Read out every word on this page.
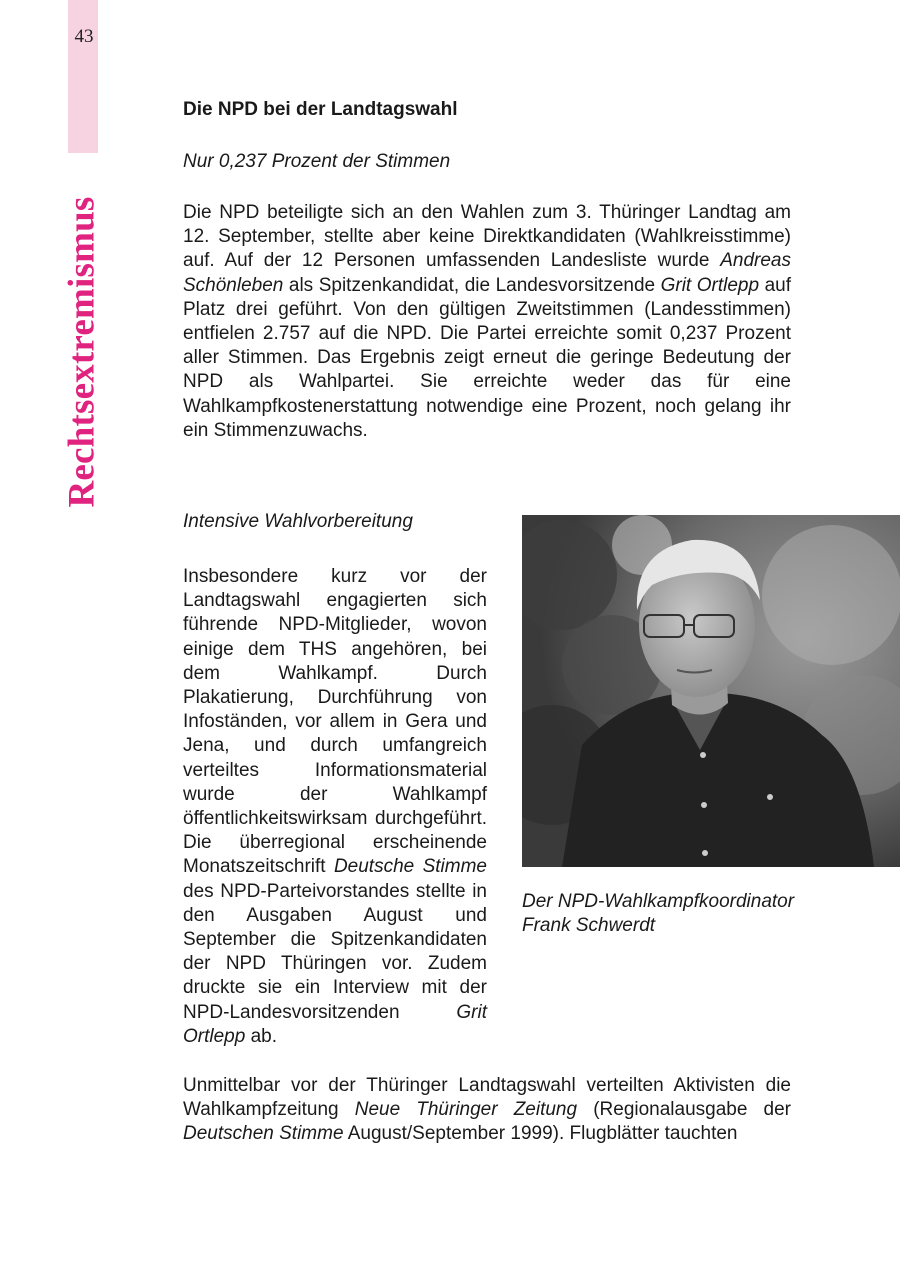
43
Rechtsextremismus
Die NPD bei der Landtagswahl
Nur 0,237 Prozent der Stimmen
Die NPD beteiligte sich an den Wahlen zum 3. Thüringer Landtag am 12. September, stellte aber keine Direktkandidaten (Wahlkreisstimme) auf. Auf der 12 Personen umfassenden Landesliste wurde Andreas Schönleben als Spitzenkandidat, die Landesvorsitzende Grit Ortlepp auf Platz drei geführt. Von den gültigen Zweitstimmen (Landesstimmen) entfielen 2.757 auf die NPD. Die Partei erreichte somit 0,237 Prozent aller Stimmen. Das Ergebnis zeigt erneut die geringe Bedeutung der NPD als Wahlpartei. Sie erreichte weder das für eine Wahlkampfkostenerstattung notwendige eine Prozent, noch gelang ihr ein Stimmenzuwachs.
Intensive Wahlvorbereitung
Insbesondere kurz vor der Landtagswahl engagierten sich führende NPD-Mitglieder, wovon einige dem THS angehören, bei dem Wahlkampf. Durch Plakatierung, Durchführung von Infoständen, vor allem in Gera und Jena, und durch umfangreich verteiltes Informationsmaterial wurde der Wahlkampf öffentlichkeitswirksam durchgeführt. Die überregional erscheinende Monatszeitschrift Deutsche Stimme des NPD-Parteivorstandes stellte in den Ausgaben August und September die Spitzenkandidaten der NPD Thüringen vor. Zudem druckte sie ein Interview mit der NPD-Landesvorsitzenden Grit Ortlepp ab.
Der NPD-Wahlkampfkoordinator Frank Schwerdt
Unmittelbar vor der Thüringer Landtagswahl verteilten Aktivisten die Wahlkampfzeitung Neue Thüringer Zeitung (Regionalausgabe der Deutschen Stimme August/September 1999). Flugblätter tauchten
